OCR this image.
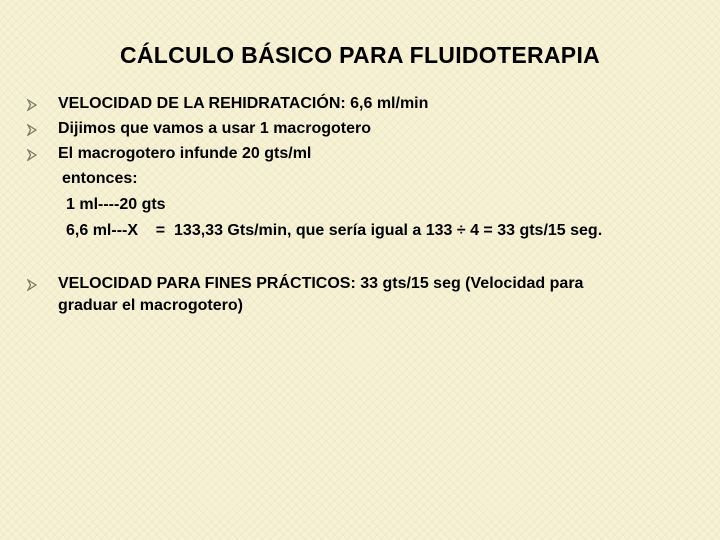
CÁLCULO BÁSICO PARA FLUIDOTERAPIA
VELOCIDAD DE LA REHIDRATACIÓN: 6,6 ml/min
Dijimos que vamos a usar 1 macrogotero
El macrogotero infunde 20 gts/ml
entonces:
1 ml----20 gts
6,6 ml---X    =  133,33 Gts/min, que sería igual a 133 ÷ 4 = 33 gts/15 seg.
VELOCIDAD PARA FINES PRÁCTICOS: 33 gts/15 seg (Velocidad para
graduar el macrogotero)
